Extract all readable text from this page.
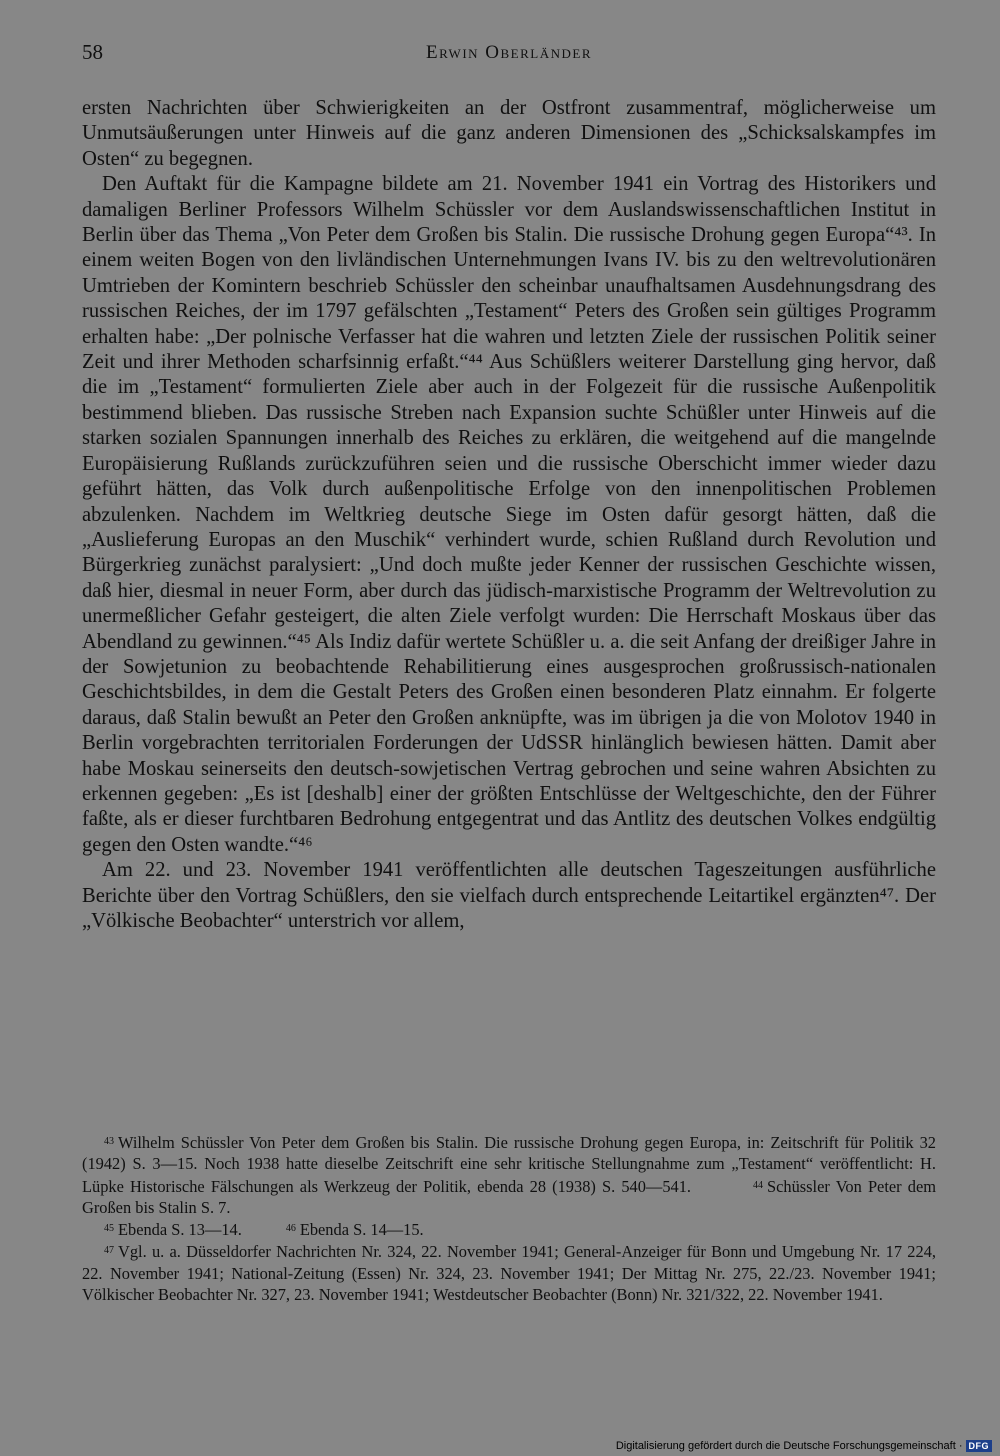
58	Erwin Oberländer

ersten Nachrichten über Schwierigkeiten an der Ostfront zusammentraf, möglicherweise um Unmutsäußerungen unter Hinweis auf die ganz anderen Dimensionen des „Schicksalskampfes im Osten“ zu begegnen.

Den Auftakt für die Kampagne bildete am 21. November 1941 ein Vortrag des Historikers und damaligen Berliner Professors Wilhelm Schüssler vor dem Auslandswissenschaftlichen Institut in Berlin über das Thema „Von Peter dem Großen bis Stalin. Die russische Drohung gegen Europa“⁴³. In einem weiten Bogen von den livländischen Unternehmungen Ivans IV. bis zu den weltrevolutionären Umtrieben der Komintern beschrieb Schüssler den scheinbar unaufhaltsamen Ausdehnungsdrang des russischen Reiches, der im 1797 gefälschten „Testament“ Peters des Großen sein gültiges Programm erhalten habe: „Der polnische Verfasser hat die wahren und letzten Ziele der russischen Politik seiner Zeit und ihrer Methoden scharfsinnig erfaßt.“⁴⁴ Aus Schüßlers weiterer Darstellung ging hervor, daß die im „Testament“ formulierten Ziele aber auch in der Folgezeit für die russische Außenpolitik bestimmend blieben. Das russische Streben nach Expansion suchte Schüßler unter Hinweis auf die starken sozialen Spannungen innerhalb des Reiches zu erklären, die weitgehend auf die mangelnde Europäisierung Rußlands zurückzuführen seien und die russische Oberschicht immer wieder dazu geführt hätten, das Volk durch außenpolitische Erfolge von den innenpolitischen Problemen abzulenken. Nachdem im Weltkrieg deutsche Siege im Osten dafür gesorgt hätten, daß die „Auslieferung Europas an den Muschik“ verhindert wurde, schien Rußland durch Revolution und Bürgerkrieg zunächst paralysiert: „Und doch mußte jeder Kenner der russischen Geschichte wissen, daß hier, diesmal in neuer Form, aber durch das jüdisch-marxistische Programm der Weltrevolution zu unermeßlicher Gefahr gesteigert, die alten Ziele verfolgt wurden: Die Herrschaft Moskaus über das Abendland zu gewinnen.“⁴⁵ Als Indiz dafür wertete Schüßler u. a. die seit Anfang der dreißiger Jahre in der Sowjetunion zu beobachtende Rehabilitierung eines ausgesprochen großrussisch-nationalen Geschichtsbildes, in dem die Gestalt Peters des Großen einen besonderen Platz einnahm. Er folgerte daraus, daß Stalin bewußt an Peter den Großen anknüpfte, was im übrigen ja die von Molotov 1940 in Berlin vorgebrachten territorialen Forderungen der UdSSR hinlänglich bewiesen hätten. Damit aber habe Moskau seinerseits den deutsch-sowjetischen Vertrag gebrochen und seine wahren Absichten zu erkennen gegeben: „Es ist [deshalb] einer der größten Entschlüsse der Weltgeschichte, den der Führer faßte, als er dieser furchtbaren Bedrohung entgegentrat und das Antlitz des deutschen Volkes endgültig gegen den Osten wandte.“⁴⁶

Am 22. und 23. November 1941 veröffentlichten alle deutschen Tageszeitungen ausführliche Berichte über den Vortrag Schüßlers, den sie vielfach durch entsprechende Leitartikel ergänzten⁴⁷. Der „Völkische Beobachter“ unterstrich vor allem,

$^{43}$ Wilhelm Schüssler Von Peter dem Großen bis Stalin. Die russische Drohung gegen Europa, in: Zeitschrift für Politik 32 (1942) S. 3—15. Noch 1938 hatte dieselbe Zeitschrift eine sehr kritische Stellungnahme zum „Testament“ veröffentlicht: H. Lüpke Historische Fälschungen als Werkzeug der Politik, ebenda 28 (1938) S. 540—541.	$^{44}$ Schüssler Von Peter dem Großen bis Stalin S. 7.

$^{45}$ Ebenda S. 13—14.	$^{46}$ Ebenda S. 14—15.

$^{47}$ Vgl. u. a. Düsseldorfer Nachrichten Nr. 324, 22. November 1941; General-Anzeiger für Bonn und Umgebung Nr. 17 224, 22. November 1941; National-Zeitung (Essen) Nr. 324, 23. November 1941; Der Mittag Nr. 275, 22./23. November 1941; Völkischer Beobachter Nr. 327, 23. November 1941; Westdeutscher Beobachter (Bonn) Nr. 321/322, 22. November 1941.

Digitalisierung gefördert durch die Deutsche Forschungsgemeinschaft · DFG
